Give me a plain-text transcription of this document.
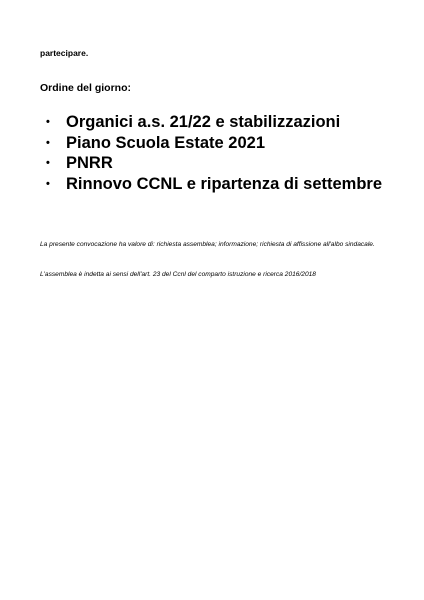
partecipare.

Ordine del giorno:

• Organici a.s. 21/22 e stabilizzazioni
• Piano Scuola Estate 2021
• PNRR
• Rinnovo CCNL e ripartenza di settembre

La presente convocazione ha valore di: richiesta assemblea; informazione; richiesta di affissione all'albo sindacale.

L'assemblea è indetta ai sensi dell'art. 23 del Ccnl del comparto istruzione e ricerca 2016/2018
